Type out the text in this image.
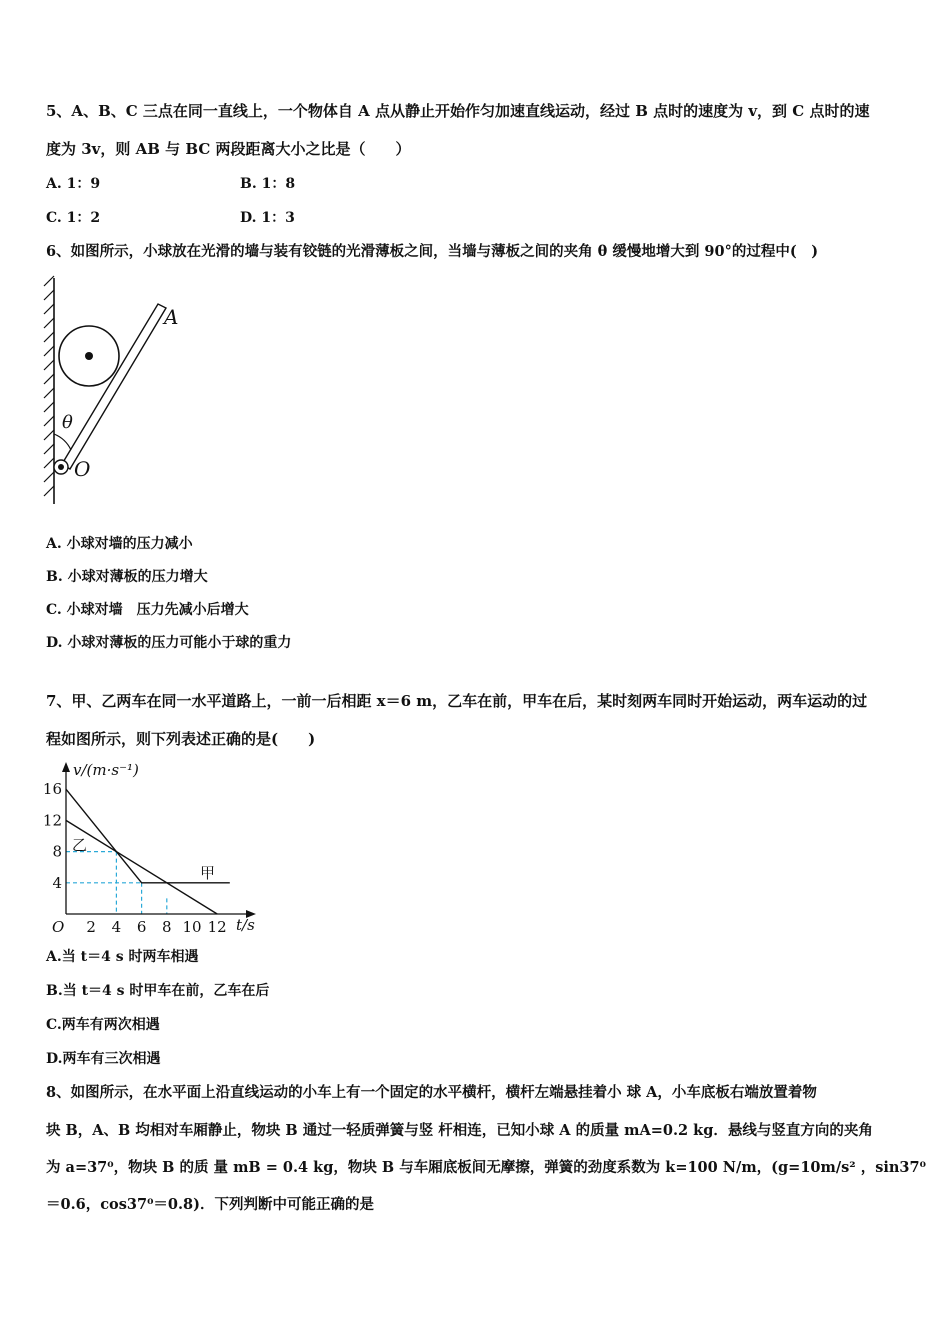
5、A、B、C 三点在同一直线上，一个物体自 A 点从静止开始作匀加速直线运动，经过 B 点时的速度为 v，到 C 点时的速
度为 3v，则 AB 与 BC 两段距离大小之比是（　　）
A. 1：9	B. 1：8
C. 1：2	D. 1：3
6、如图所示，小球放在光滑的墙与装有铰链的光滑薄板之间，当墙与薄板之间的夹角 θ 缓慢地增大到 90°的过程中(　)
A
θ
O
A. 小球对墙的压力减小
B. 小球对薄板的压力增大
C. 小球对墙　压力先减小后增大
D. 小球对薄板的压力可能小于球的重力
7、甲、乙两车在同一水平道路上，一前一后相距 x＝6 m，乙车在前，甲车在后，某时刻两车同时开始运动，两车运动的过
程如图所示，则下列表述正确的是(　　)
2 4 6 8 10 12
4
8
12
16
v/(m·s⁻¹)
t/s
O
甲
乙
A.当 t＝4 s 时两车相遇
B.当 t＝4 s 时甲车在前，乙车在后
C.两车有两次相遇
D.两车有三次相遇
8、如图所示，在水平面上沿直线运动的小车上有一个固定的水平横杆，横杆左端悬挂着小 球 A，小车底板右端放置着物
块 B，A、B 均相对车厢静止，物块 B 通过一轻质弹簧与竖 杆相连，已知小球 A 的质量 mA=0.2 kg．悬线与竖直方向的夹角
为 a=37⁰，物块 B 的质 量 mB = 0.4 kg，物块 B 与车厢底板间无摩擦，弹簧的劲度系数为 k=100 N/m，(g=10m/s² ，sin37⁰
＝0.6，cos37⁰＝0.8)．下列判断中可能正确的是
